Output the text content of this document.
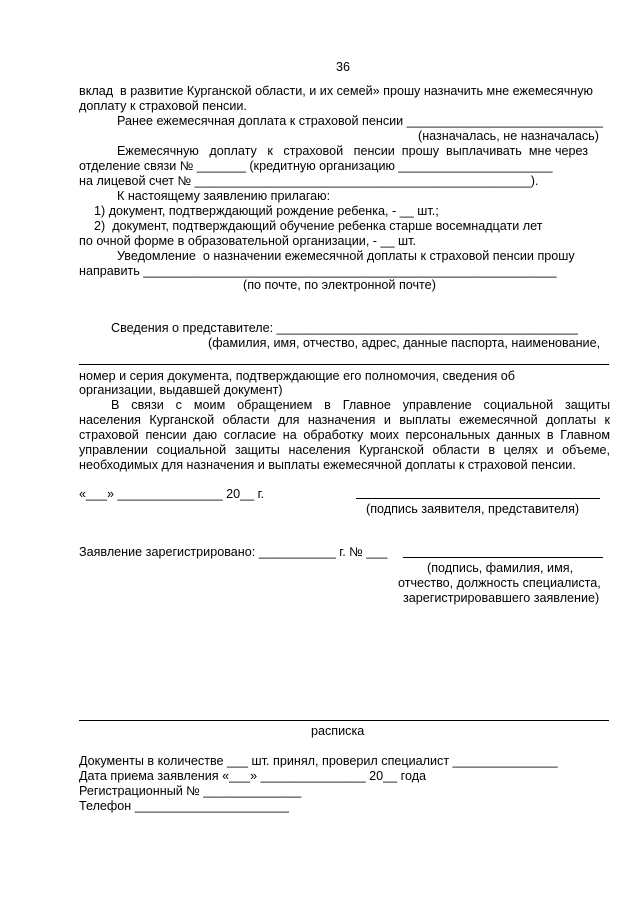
36
вклад  в развитие Курганской области, и их семей» прошу назначить мне ежемесячную
доплату к страховой пенсии.
Ранее ежемесячная доплата к страховой пенсии ____________________________
(назначалась, не назначалась)
Ежемесячную   доплату   к   страховой   пенсии  прошу  выплачивать  мне через
отделение связи № _______ (кредитную организацию ______________________
на лицевой счет № ________________________________________________).
К настоящему заявлению прилагаю:
1) документ, подтверждающий рождение ребенка, - __ шт.;
2)  документ, подтверждающий обучение ребенка старше восемнадцати лет
по очной форме в образовательной организации, - __ шт.
Уведомление  о назначении ежемесячной доплаты к страховой пенсии прошу
направить ___________________________________________________________
(по почте, по электронной почте)
Сведения о представителе: ___________________________________________
(фамилия, имя, отчество, адрес, данные паспорта, наименование,
номер и серия документа, подтверждающие его полномочия, сведения об
организации, выдавшей документ)
В связи с моим обращением в Главное управление социальной защиты
населения Курганской области для назначения и выплаты ежемесячной доплаты к
страховой пенсии даю согласие на обработку моих персональных данных в Главном
управлении социальной защиты населения Курганской области в целях и объеме,
необходимых для назначения и выплаты ежемесячной доплаты к страховой пенсии.
«___» _______________ 20__ г.
(подпись заявителя, представителя)
Заявление зарегистрировано: ___________ г. № ___
(подпись, фамилия, имя,
отчество, должность специалиста,
зарегистрировавшего заявление)
расписка
Документы в количестве ___ шт. принял, проверил специалист _______________
Дата приема заявления «___» _______________ 20__ года
Регистрационный № ______________
Телефон ______________________
